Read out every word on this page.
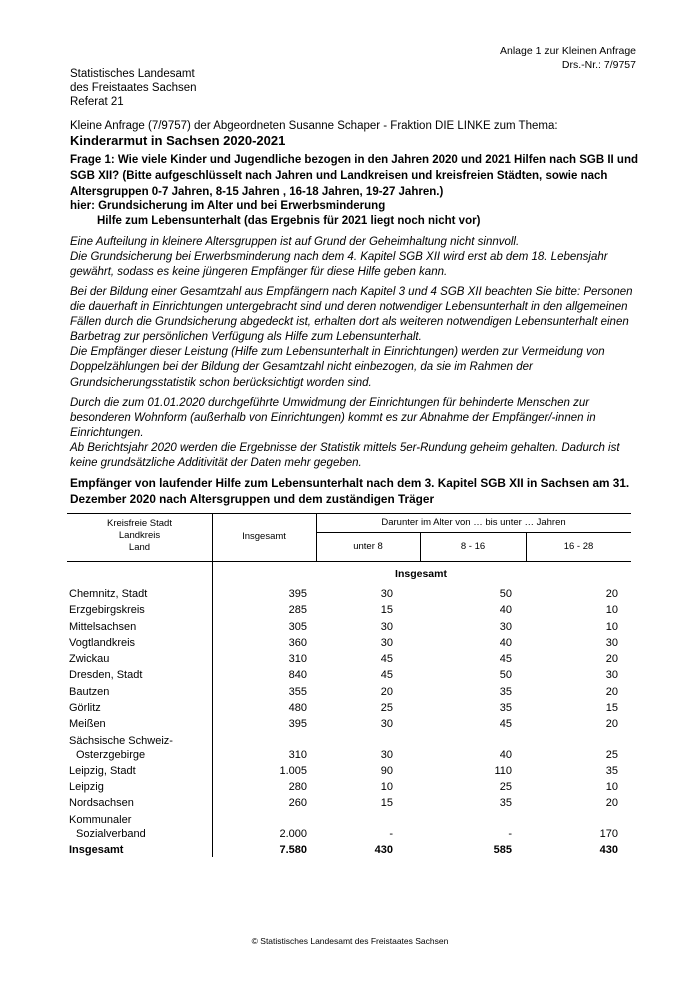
Anlage 1 zur Kleinen Anfrage
Drs.-Nr.: 7/9757
Statistisches Landesamt
des Freistaates Sachsen
Referat 21
Kleine Anfrage (7/9757) der Abgeordneten Susanne Schaper - Fraktion DIE LINKE zum Thema:
Kinderarmut in Sachsen 2020-2021
Frage 1: Wie viele Kinder und Jugendliche bezogen in den Jahren 2020 und 2021 Hilfen nach SGB II und SGB XII? (Bitte aufgeschlüsselt nach Jahren und Landkreisen und kreisfreien Städten, sowie nach Altersgruppen 0-7 Jahren, 8-15 Jahren , 16-18 Jahren, 19-27 Jahren.)
hier: Grundsicherung im Alter und bei Erwerbsminderung
Hilfe zum Lebensunterhalt (das Ergebnis für 2021 liegt noch nicht vor)

Eine Aufteilung in kleinere Altersgruppen ist auf Grund der Geheimhaltung nicht sinnvoll.

Die Grundsicherung bei Erwerbsminderung nach dem 4. Kapitel SGB XII wird erst ab dem 18. Lebensjahr gewährt, sodass es keine jüngeren Empfänger für diese Hilfe geben kann.

Bei der Bildung einer Gesamtzahl aus Empfängern nach Kapitel 3 und 4 SGB XII beachten Sie bitte: Personen die dauerhaft in Einrichtungen untergebracht sind und deren notwendiger Lebensunterhalt in den allgemeinen Fällen durch die Grundsicherung abgedeckt ist, erhalten dort als weiteren notwendigen Lebensunterhalt einen Barbetrag zur persönlichen Verfügung als Hilfe zum Lebensunterhalt.

Die Empfänger dieser Leistung (Hilfe zum Lebensunterhalt in Einrichtungen) werden zur Vermeidung von Doppelzählungen bei der Bildung der Gesamtzahl nicht einbezogen, da sie im Rahmen der Grundsicherungsstatistik schon berücksichtigt worden sind.

Durch die zum 01.01.2020 durchgeführte Umwidmung der Einrichtungen für behinderte Menschen zur besonderen Wohnform (außerhalb von Einrichtungen) kommt es zur Abnahme der Empfänger/-innen in Einrichtungen.

Ab Berichtsjahr 2020 werden die Ergebnisse der Statistik mittels 5er-Rundung geheim gehalten. Dadurch ist keine grundsätzliche Additivität der Daten mehr gegeben.

Empfänger von laufender Hilfe zum Lebensunterhalt nach dem 3. Kapitel SGB XII in Sachsen am 31. Dezember 2020 nach Altersgruppen und dem zuständigen Träger
Kreisfreie Stadt
Landkreis
Land
Insgesamt
Darunter im Alter von … bis unter … Jahren
unter 8	8 - 16	16 - 28
Insgesamt
Chemnitz, Stadt	395	30	50	20
Erzgebirgskreis	285	15	40	10
Mittelsachsen	305	30	30	10
Vogtlandkreis	360	30	40	30
Zwickau	310	45	45	20
Dresden, Stadt	840	45	50	30
Bautzen	355	20	35	20
Görlitz	480	25	35	15
Meißen	395	30	45	20
Sächsische Schweiz-
Osterzgebirge	310	30	40	25
Leipzig, Stadt	1.005	90	110	35
Leipzig	280	10	25	10
Nordsachsen	260	15	35	20
Kommunaler
Sozialverband	2.000	-	-	170
Insgesamt	7.580	430	585	430
© Statistisches Landesamt des Freistaates Sachsen
